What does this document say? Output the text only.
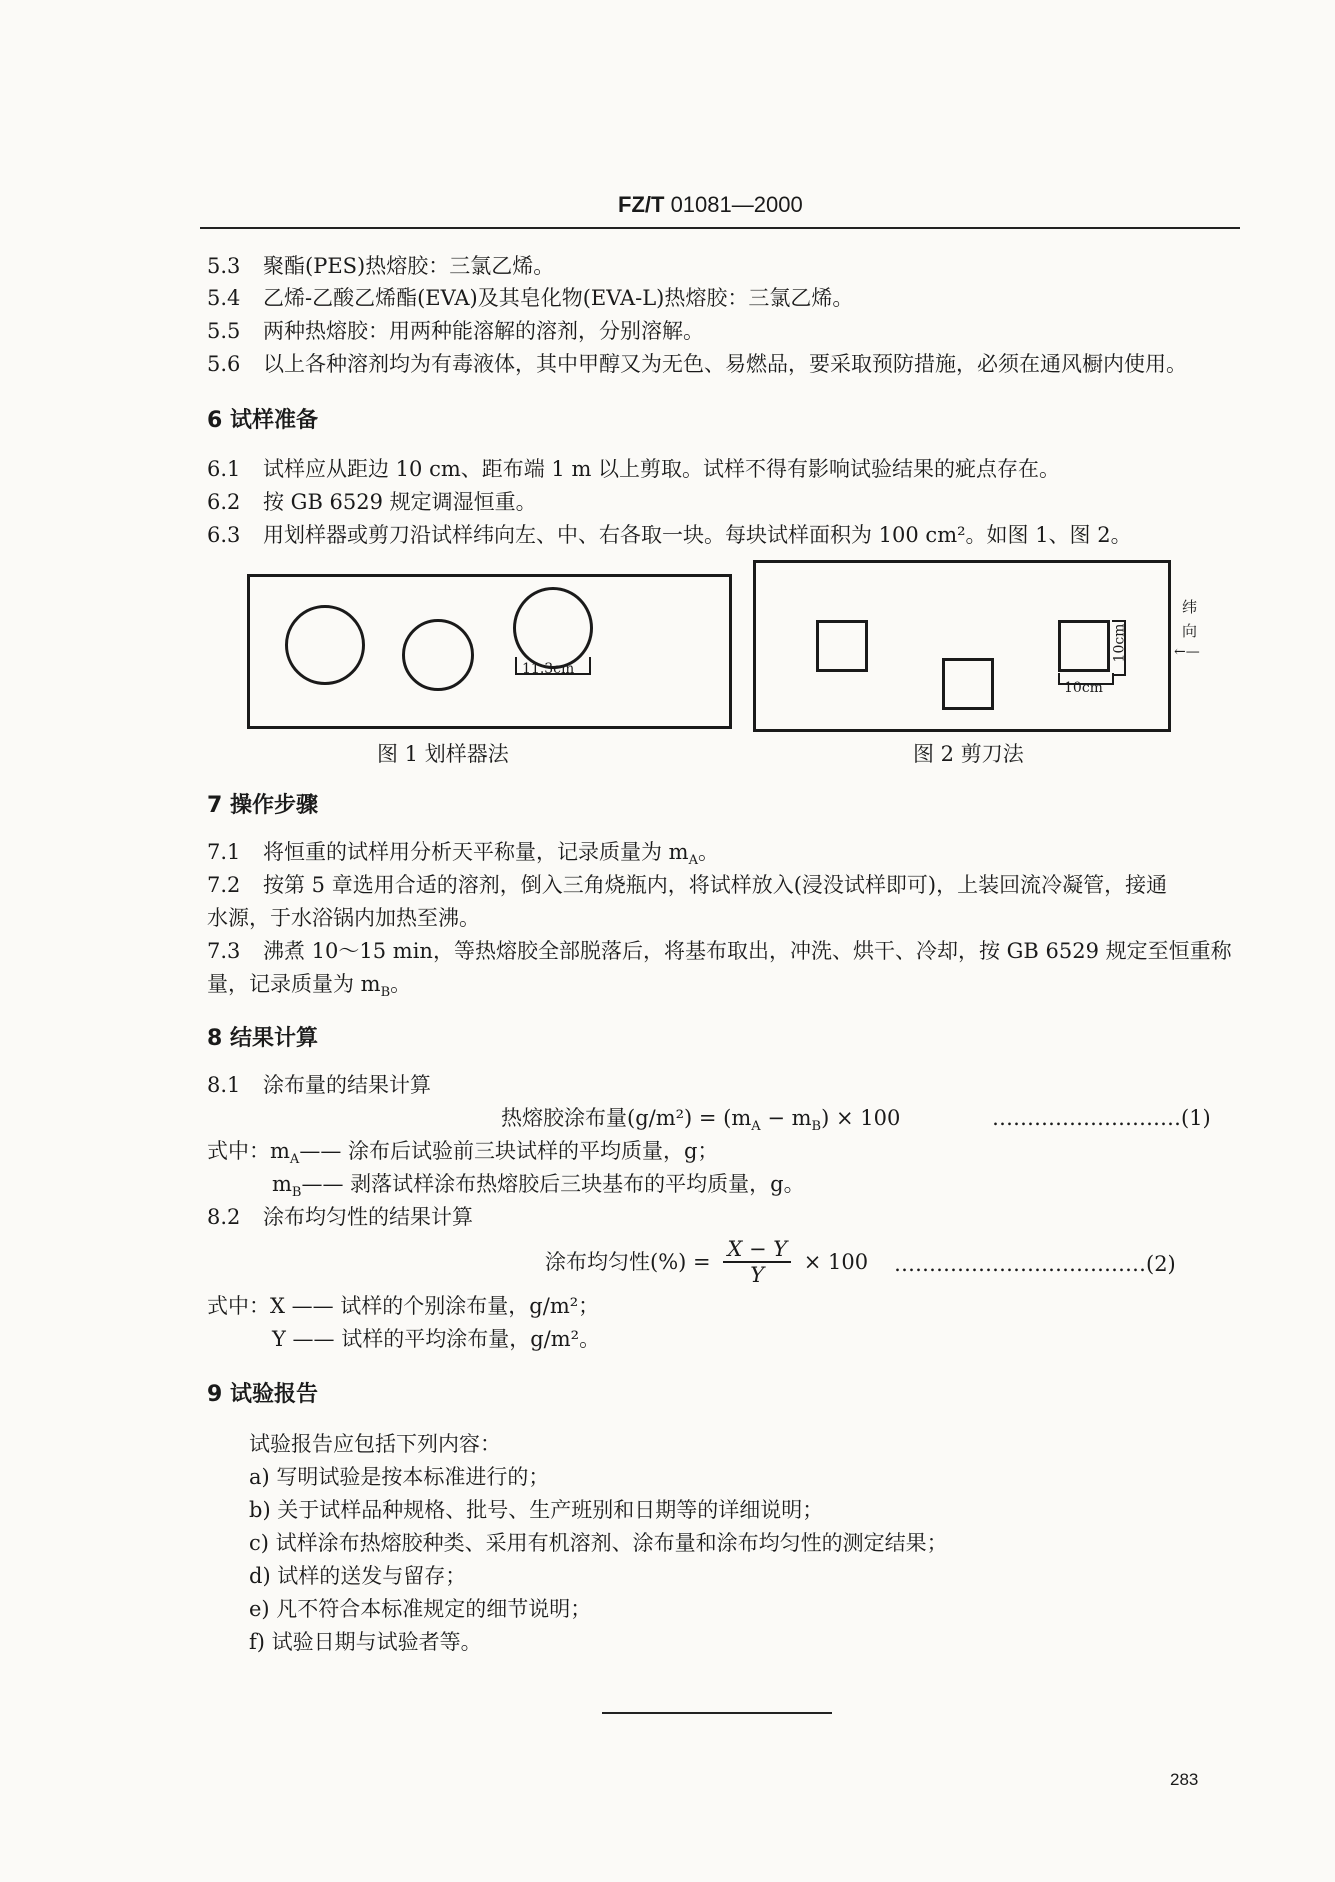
FZ/T 01081—2000
5.3 聚酯(PES)热熔胶：三氯乙烯。
5.4 乙烯-乙酸乙烯酯(EVA)及其皂化物(EVA-L)热熔胶：三氯乙烯。
5.5 两种热熔胶：用两种能溶解的溶剂，分别溶解。
5.6 以上各种溶剂均为有毒液体，其中甲醇又为无色、易燃品，要采取预防措施，必须在通风橱内使用。
6 试样准备
6.1 试样应从距边 10 cm、距布端 1 m 以上剪取。试样不得有影响试验结果的疵点存在。
6.2 按 GB 6529 规定调湿恒重。
6.3 用划样器或剪刀沿试样纬向左、中、右各取一块。每块试样面积为 100 cm²。如图 1、图 2。
11.3cm
图 1 划样器法
10cm
10cm
纬
向
←—
图 2 剪刀法
7 操作步骤
7.1 将恒重的试样用分析天平称量，记录质量为 $m_A$。
7.2 按第 5 章选用合适的溶剂，倒入三角烧瓶内，将试样放入(浸没试样即可)，上装回流冷凝管，接通
水源，于水浴锅内加热至沸。
7.3 沸煮 10～15 min，等热熔胶全部脱落后，将基布取出，冲洗、烘干、冷却，按 GB 6529 规定至恒重称
量，记录质量为 $m_B$。
8 结果计算
8.1 涂布量的结果计算
热熔胶涂布量$(g/m^2) = (m_A - m_B) \times 100$	………………………(1)
式中：$m_A——$ 涂布后试验前三块试样的平均质量，g；
$m_B——$ 剥落试样涂布热熔胶后三块基布的平均质量，g。
8.2 涂布均匀性的结果计算
涂布均匀性(%) = $\frac{X - Y}{Y} \times 100$ ………………………………(2)
式中：X —— 试样的个别涂布量，g/m²；
Y —— 试样的平均涂布量，g/m²。
9 试验报告
试验报告应包括下列内容：
a) 写明试验是按本标准进行的；
b) 关于试样品种规格、批号、生产班别和日期等的详细说明；
c) 试样涂布热熔胶种类、采用有机溶剂、涂布量和涂布均匀性的测定结果；
d) 试样的送发与留存；
e) 凡不符合本标准规定的细节说明；
f) 试验日期与试验者等。
283
